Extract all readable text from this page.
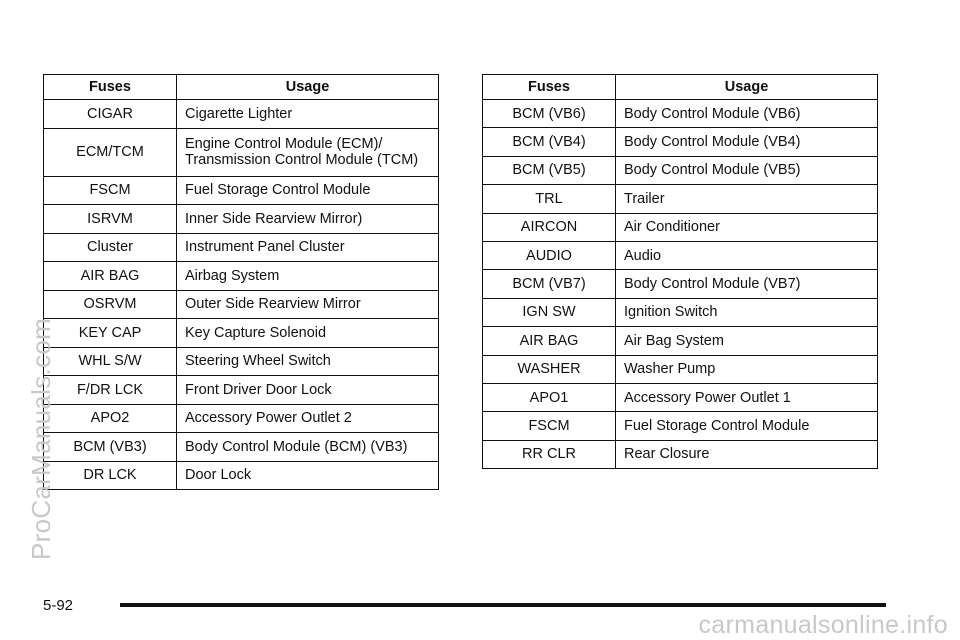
Fuses	Usage
CIGAR	Cigarette Lighter
ECM/TCM	Engine Control Module (ECM)/
Transmission Control Module (TCM)

FSCM	Fuel Storage Control Module
ISRVM	Inner Side Rearview Mirror)
Cluster	Instrument Panel Cluster
AIR BAG	Airbag System
OSRVM	Outer Side Rearview Mirror
KEY CAP	Key Capture Solenoid
WHL S/W	Steering Wheel Switch
F/DR LCK	Front Driver Door Lock
APO2	Accessory Power Outlet 2
BCM (VB3)	Body Control Module (BCM) (VB3)
DR LCK	Door Lock
Fuses	Usage
BCM (VB6)	Body Control Module (VB6)
BCM (VB4)	Body Control Module (VB4)
BCM (VB5)	Body Control Module (VB5)
TRL	Trailer
AIRCON	Air Conditioner
AUDIO	Audio
BCM (VB7)	Body Control Module (VB7)
IGN SW	Ignition Switch
AIR BAG	Air Bag System
WASHER	Washer Pump
APO1	Accessory Power Outlet 1
FSCM	Fuel Storage Control Module
RR CLR	Rear Closure
ProCarManuals.com
5-92
carmanualsonline.info
